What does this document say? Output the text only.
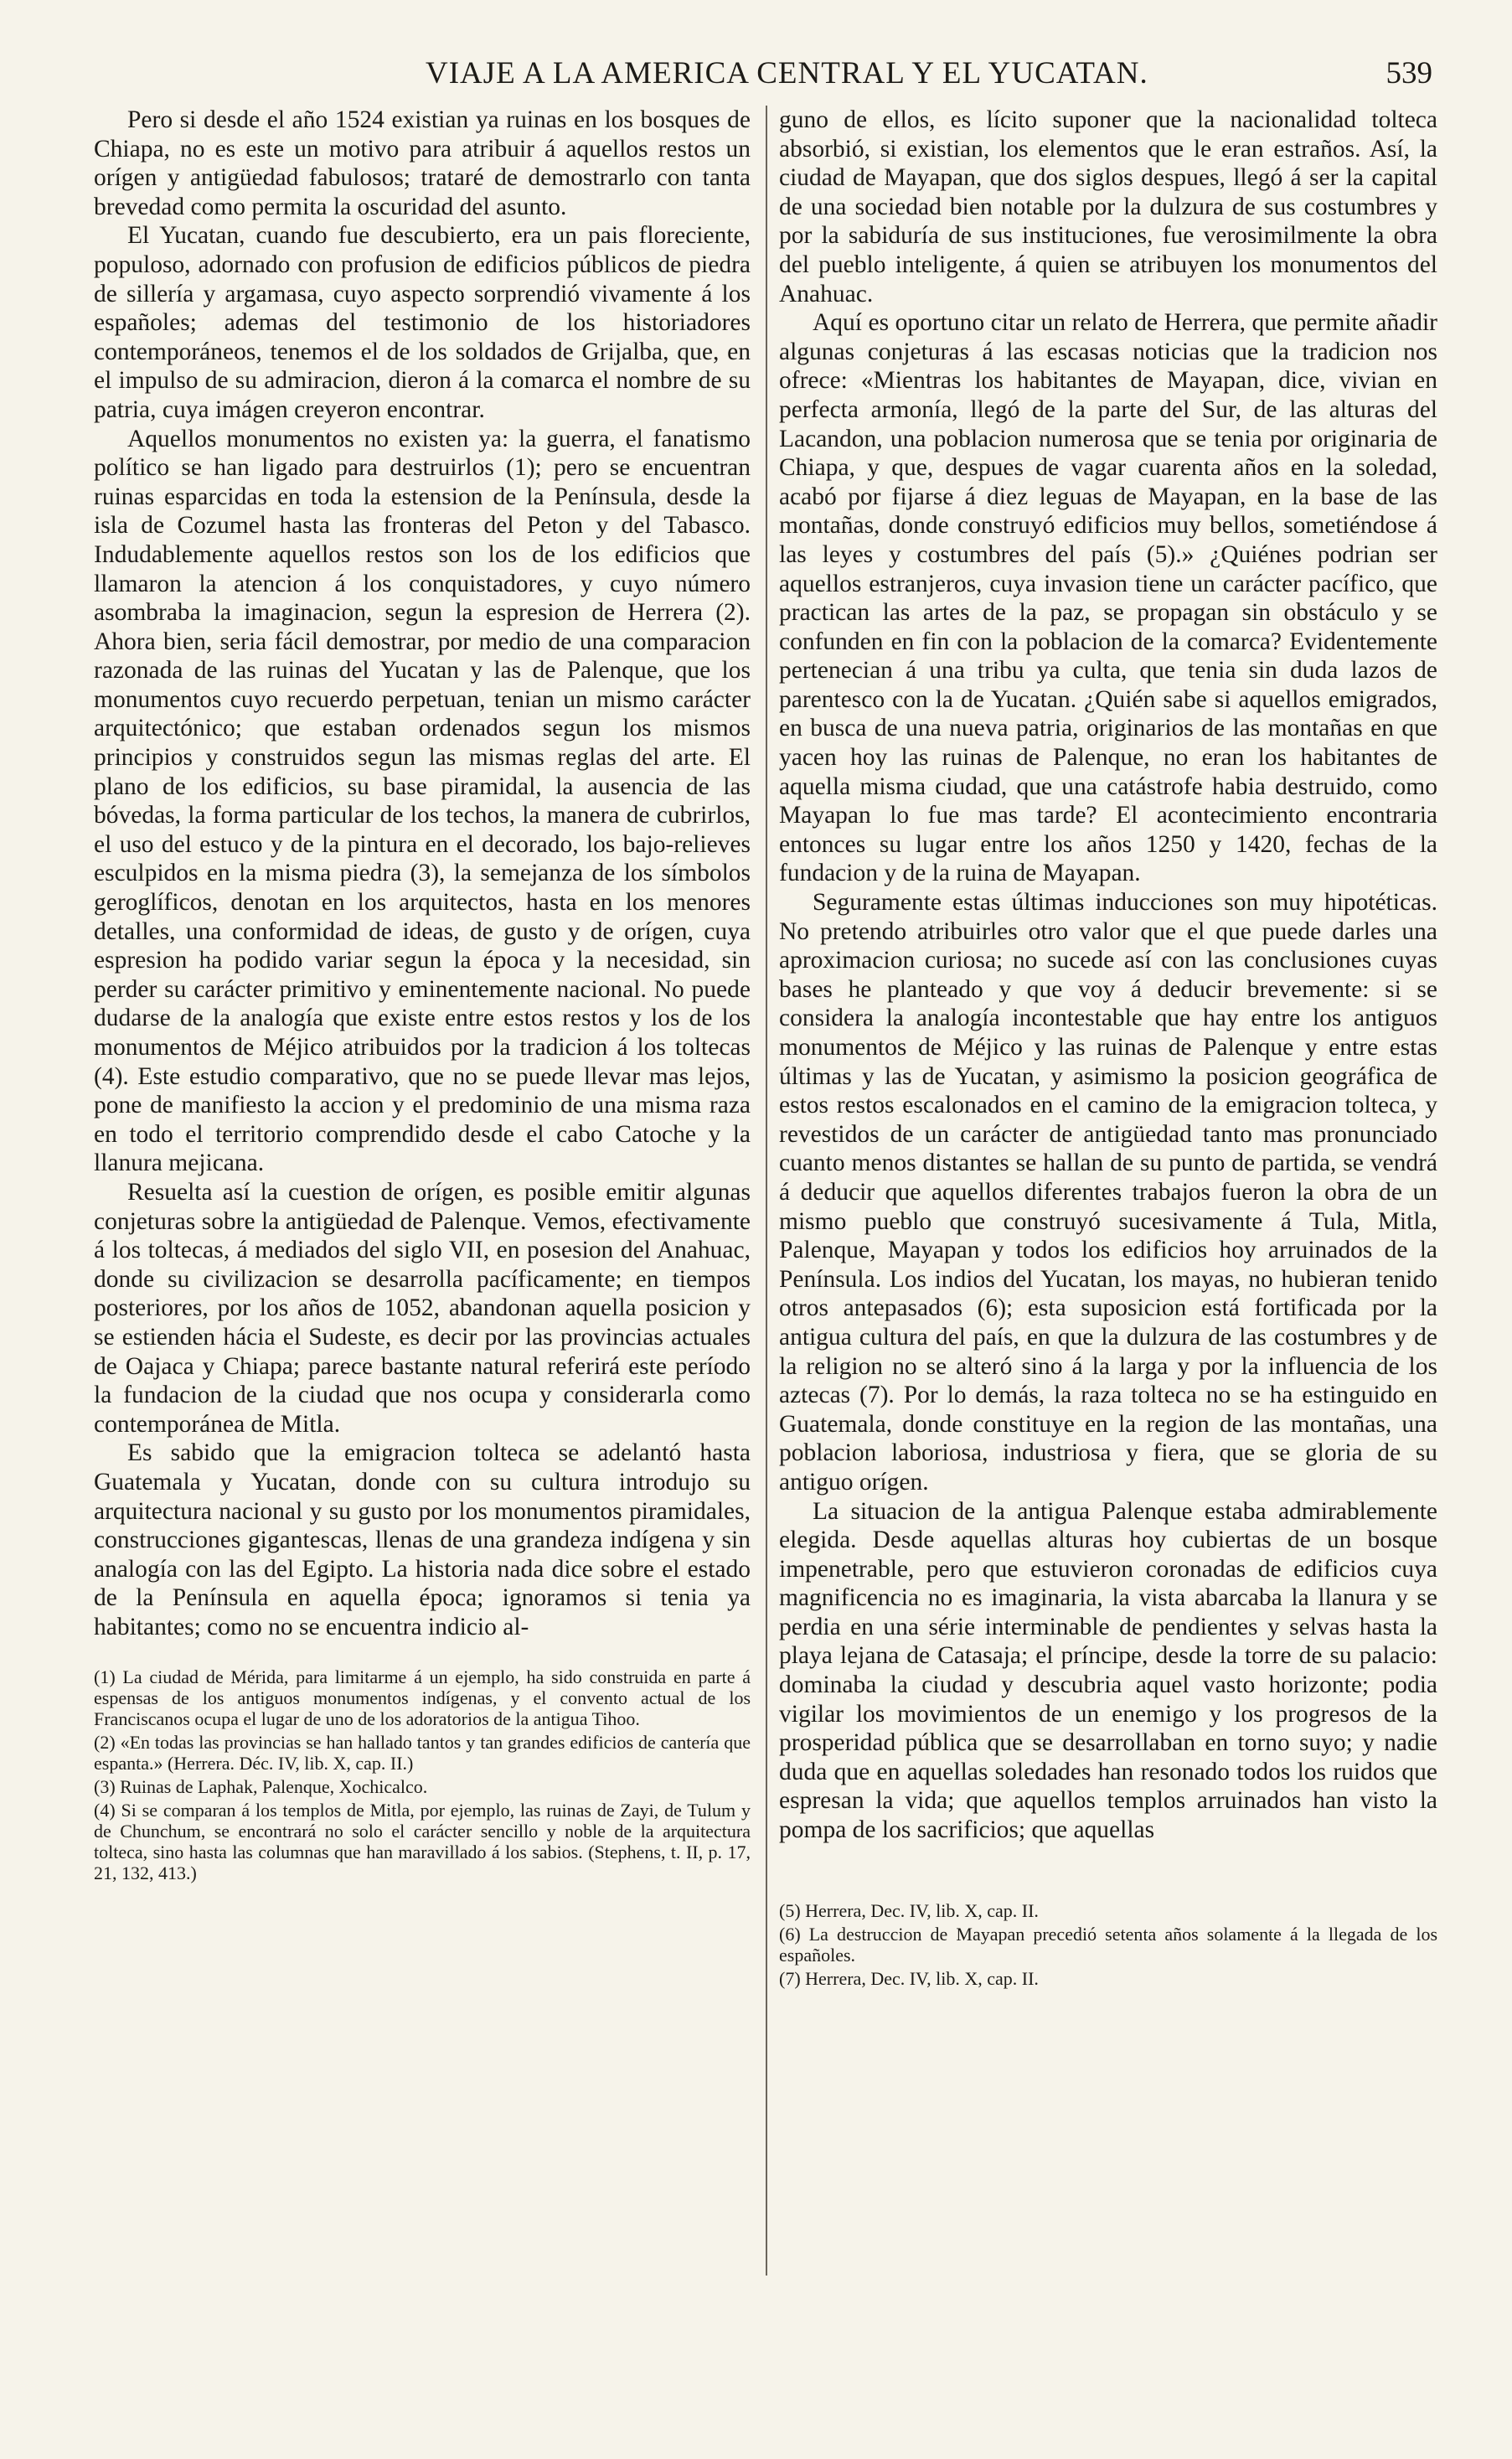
VIAJE A LA AMERICA CENTRAL Y EL YUCATAN.	539

Pero si desde el año 1524 existian ya ruinas en los bosques de Chiapa, no es este un motivo para atribuir á aquellos restos un orígen y antigüedad fabulosos; trataré de demostrarlo con tanta brevedad como permita la oscuridad del asunto.

El Yucatan, cuando fue descubierto, era un pais floreciente, populoso, adornado con profusion de edificios públicos de piedra de sillería y argamasa, cuyo aspecto sorprendió vivamente á los españoles; ademas del testimonio de los historiadores contemporáneos, tenemos el de los soldados de Grijalba, que, en el impulso de su admiracion, dieron á la comarca el nombre de su patria, cuya imágen creyeron encontrar.

Aquellos monumentos no existen ya: la guerra, el fanatismo político se han ligado para destruirlos (1); pero se encuentran ruinas esparcidas en toda la estension de la Península, desde la isla de Cozumel hasta las fronteras del Peton y del Tabasco. Indudablemente aquellos restos son los de los edificios que llamaron la atencion á los conquistadores, y cuyo número asombraba la imaginacion, segun la espresion de Herrera (2). Ahora bien, seria fácil demostrar, por medio de una comparacion razonada de las ruinas del Yucatan y las de Palenque, que los monumentos cuyo recuerdo perpetuan, tenian un mismo carácter arquitectónico; que estaban ordenados segun los mismos principios y construidos segun las mismas reglas del arte. El plano de los edificios, su base piramidal, la ausencia de las bóvedas, la forma particular de los techos, la manera de cubrirlos, el uso del estuco y de la pintura en el decorado, los bajo-relieves esculpidos en la misma piedra (3), la semejanza de los símbolos geroglíficos, denotan en los arquitectos, hasta en los menores detalles, una conformidad de ideas, de gusto y de orígen, cuya espresion ha podido variar segun la época y la necesidad, sin perder su carácter primitivo y eminentemente nacional. No puede dudarse de la analogía que existe entre estos restos y los de los monumentos de Méjico atribuidos por la tradicion á los toltecas (4). Este estudio comparativo, que no se puede llevar mas lejos, pone de manifiesto la accion y el predominio de una misma raza en todo el territorio comprendido desde el cabo Catoche y la llanura mejicana.

Resuelta así la cuestion de orígen, es posible emitir algunas conjeturas sobre la antigüedad de Palenque. Vemos, efectivamente á los toltecas, á mediados del siglo VII, en posesion del Anahuac, donde su civilizacion se desarrolla pacíficamente; en tiempos posteriores, por los años de 1052, abandonan aquella posicion y se estienden hácia el Sudeste, es decir por las provincias actuales de Oajaca y Chiapa; parece bastante natural referirá este período la fundacion de la ciudad que nos ocupa y considerarla como contemporánea de Mitla.

Es sabido que la emigracion tolteca se adelantó hasta Guatemala y Yucatan, donde con su cultura introdujo su arquitectura nacional y su gusto por los monumentos piramidales, construcciones gigantescas, llenas de una grandeza indígena y sin analogía con las del Egipto. La historia nada dice sobre el estado de la Península en aquella época; ignoramos si tenia ya habitantes; como no se encuentra indicio al-

(1) La ciudad de Mérida, para limitarme á un ejemplo, ha sido construida en parte á espensas de los antiguos monumentos indígenas, y el convento actual de los Franciscanos ocupa el lugar de uno de los adoratorios de la antigua Tihoo.

(2) «En todas las provincias se han hallado tantos y tan grandes edificios de cantería que espanta.» (Herrera. Déc. IV, lib. X, cap. II.)

(3) Ruinas de Laphak, Palenque, Xochicalco.

(4) Si se comparan á los templos de Mitla, por ejemplo, las ruinas de Zayi, de Tulum y de Chunchum, se encontrará no solo el carácter sencillo y noble de la arquitectura tolteca, sino hasta las columnas que han maravillado á los sabios. (Stephens, t. II, p. 17, 21, 132, 413.)

guno de ellos, es lícito suponer que la nacionalidad tolteca absorbió, si existian, los elementos que le eran estraños. Así, la ciudad de Mayapan, que dos siglos despues, llegó á ser la capital de una sociedad bien notable por la dulzura de sus costumbres y por la sabiduría de sus instituciones, fue verosimilmente la obra del pueblo inteligente, á quien se atribuyen los monumentos del Anahuac.

Aquí es oportuno citar un relato de Herrera, que permite añadir algunas conjeturas á las escasas noticias que la tradicion nos ofrece: «Mientras los habitantes de Mayapan, dice, vivian en perfecta armonía, llegó de la parte del Sur, de las alturas del Lacandon, una poblacion numerosa que se tenia por originaria de Chiapa, y que, despues de vagar cuarenta años en la soledad, acabó por fijarse á diez leguas de Mayapan, en la base de las montañas, donde construyó edificios muy bellos, sometiéndose á las leyes y costumbres del país (5).» ¿Quiénes podrian ser aquellos estranjeros, cuya invasion tiene un carácter pacífico, que practican las artes de la paz, se propagan sin obstáculo y se confunden en fin con la poblacion de la comarca? Evidentemente pertenecian á una tribu ya culta, que tenia sin duda lazos de parentesco con la de Yucatan. ¿Quién sabe si aquellos emigrados, en busca de una nueva patria, originarios de las montañas en que yacen hoy las ruinas de Palenque, no eran los habitantes de aquella misma ciudad, que una catástrofe habia destruido, como Mayapan lo fue mas tarde? El acontecimiento encontraria entonces su lugar entre los años 1250 y 1420, fechas de la fundacion y de la ruina de Mayapan.

Seguramente estas últimas inducciones son muy hipotéticas. No pretendo atribuirles otro valor que el que puede darles una aproximacion curiosa; no sucede así con las conclusiones cuyas bases he planteado y que voy á deducir brevemente: si se considera la analogía incontestable que hay entre los antiguos monumentos de Méjico y las ruinas de Palenque y entre estas últimas y las de Yucatan, y asimismo la posicion geográfica de estos restos escalonados en el camino de la emigracion tolteca, y revestidos de un carácter de antigüedad tanto mas pronunciado cuanto menos distantes se hallan de su punto de partida, se vendrá á deducir que aquellos diferentes trabajos fueron la obra de un mismo pueblo que construyó sucesivamente á Tula, Mitla, Palenque, Mayapan y todos los edificios hoy arruinados de la Península. Los indios del Yucatan, los mayas, no hubieran tenido otros antepasados (6); esta suposicion está fortificada por la antigua cultura del país, en que la dulzura de las costumbres y de la religion no se alteró sino á la larga y por la influencia de los aztecas (7). Por lo demás, la raza tolteca no se ha estinguido en Guatemala, donde constituye en la region de las montañas, una poblacion laboriosa, industriosa y fiera, que se gloria de su antiguo orígen.

La situacion de la antigua Palenque estaba admirablemente elegida. Desde aquellas alturas hoy cubiertas de un bosque impenetrable, pero que estuvieron coronadas de edificios cuya magnificencia no es imaginaria, la vista abarcaba la llanura y se perdia en una série interminable de pendientes y selvas hasta la playa lejana de Catasaja; el príncipe, desde la torre de su palacio: dominaba la ciudad y descubria aquel vasto horizonte; podia vigilar los movimientos de un enemigo y los progresos de la prosperidad pública que se desarrollaban en torno suyo; y nadie duda que en aquellas soledades han resonado todos los ruidos que espresan la vida; que aquellos templos arruinados han visto la pompa de los sacrificios; que aquellas

(5) Herrera, Dec. IV, lib. X, cap. II.

(6) La destruccion de Mayapan precedió setenta años solamente á la llegada de los españoles.

(7) Herrera, Dec. IV, lib. X, cap. II.
